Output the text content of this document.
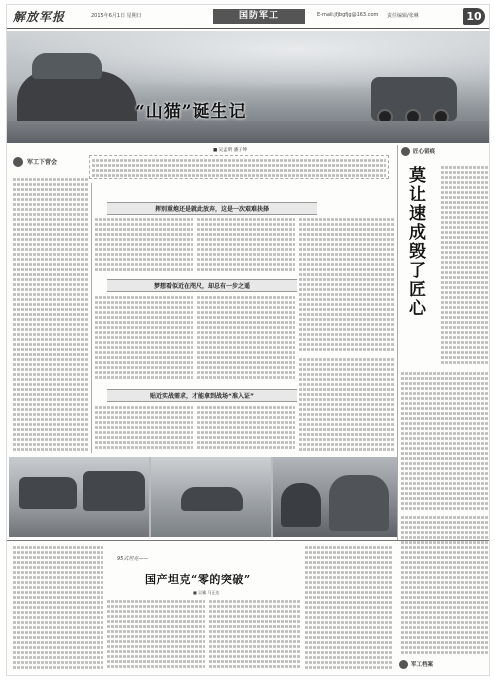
解放军报	2015年6月1日 星期日	国防军工	E-mail:jfjbgfjg@163.com 责任编辑/张琳	10
“山猫”诞生记
■ 吴孟明 潘子坤
军工下营会
挥别重炮还是就此放弃，这是一次艰难抉择
梦想看似近在咫尺，却总有一步之遥
贴近实战需求，才能拿到战场“准入证”
匠心留痕
莫让速成毁了匠心
95式坦克——
国产坦克“零的突破”
■ 吴骥 马正达
军工档案
